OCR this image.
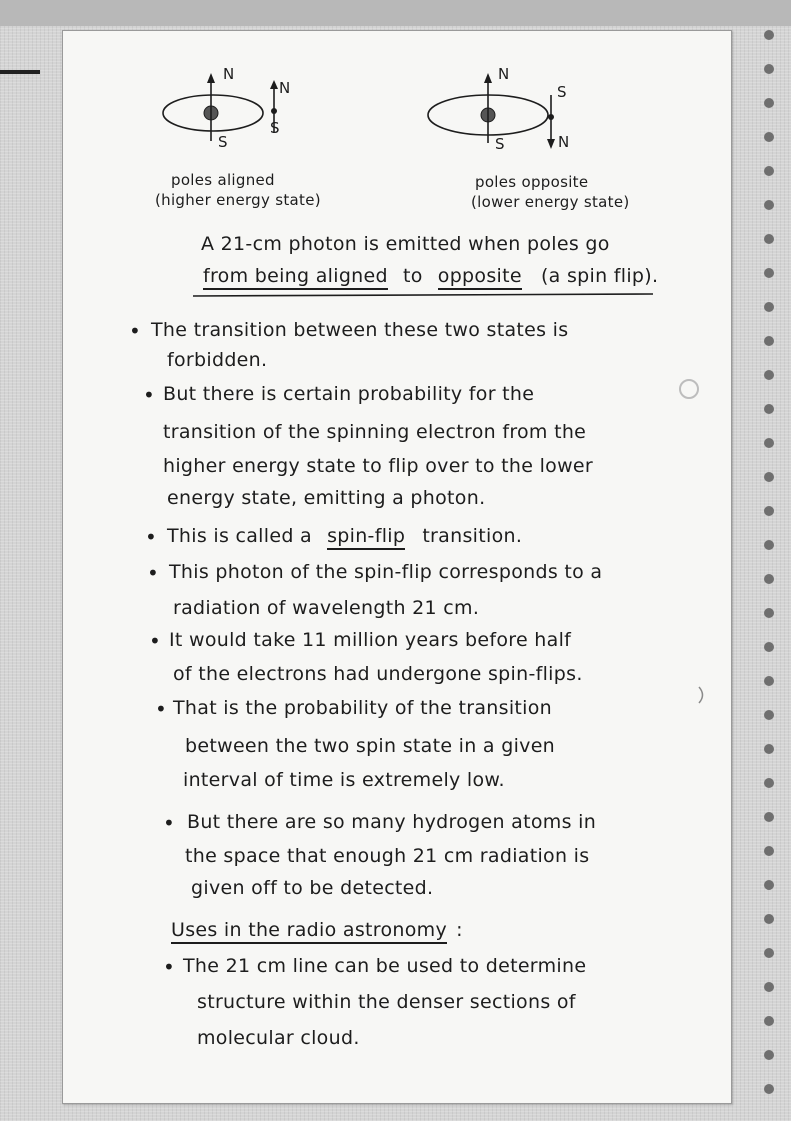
N
S
N
S
poles aligned
(higher energy state)
N
S
S
N
poles opposite
(lower energy state)
A 21-cm photon is emitted when poles go
from being aligned to opposite (a spin flip).
• The transition between these two states is
forbidden.
• But there is certain probability for the
transition of the spinning electron from the
higher energy state to flip over to the lower
energy state, emitting a photon.
• This is called a spin-flip transition.
• This photon of the spin-flip corresponds to a
radiation of wavelength 21 cm.
• It would take 11 million years before half
of the electrons had undergone spin-flips.
• That is the probability of the transition
between the two spin state in a given
interval of time is extremely low.
• But there are so many hydrogen atoms in
the space that enough 21 cm radiation is
given off to be detected.
Uses in the radio astronomy :
• The 21 cm line can be used to determine
structure within the denser sections of
molecular cloud.
